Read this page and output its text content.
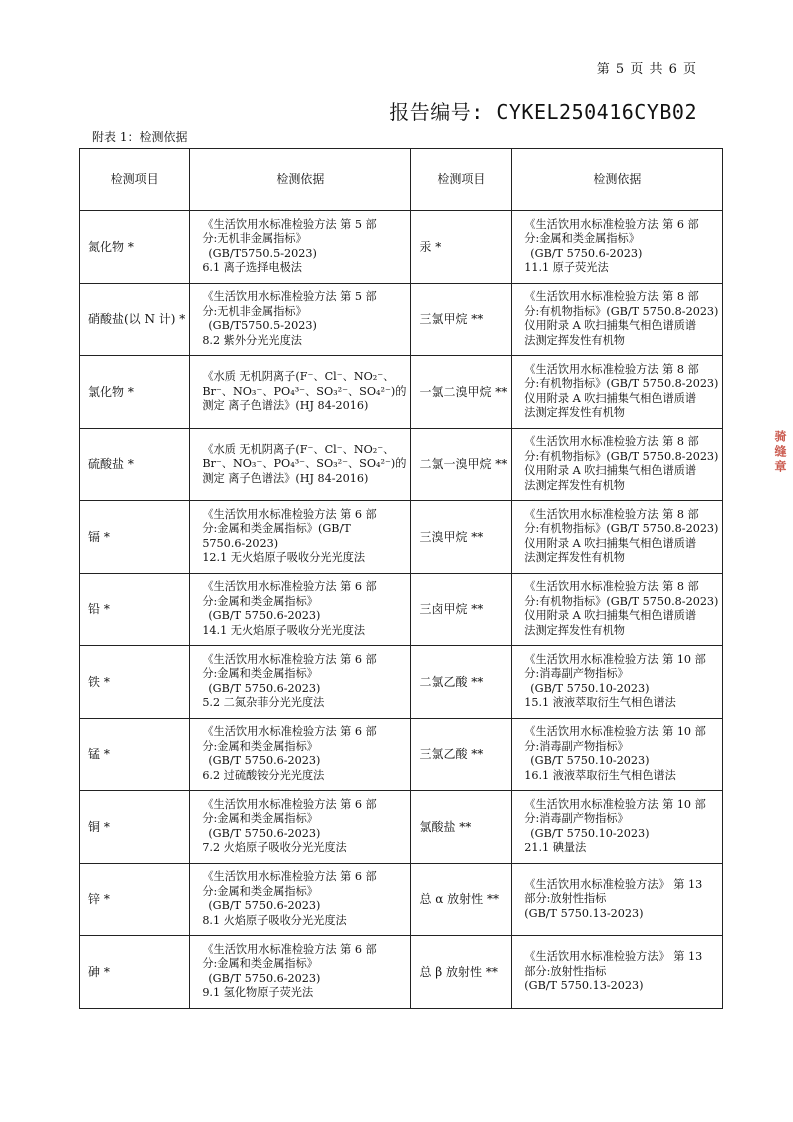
第 5 页 共 6 页
报告编号: CYKEL250416CYB02
附表 1：检测依据
检测项目	检测依据	检测项目	检测依据
氮化物 *	《生活饮用水标准检验方法 第 5 部
分:无机非金属指标》
(GB/T5750.5-2023)
6.1 离子选择电极法	汞 *	《生活饮用水标准检验方法 第 6 部
分:金属和类金属指标》
(GB/T 5750.6-2023)
11.1 原子荧光法

硝酸盐(以 N 计) *	《生活饮用水标准检验方法 第 5 部
分:无机非金属指标》
(GB/T5750.5-2023)
8.2 紫外分光光度法	三氯甲烷 **	《生活饮用水标准检验方法 第 8 部
分:有机物指标》(GB/T 5750.8-2023)
仪用附录 A 吹扫捕集气相色谱质谱
法测定挥发性有机物

氯化物 *	《水质 无机阴离子(F⁻、Cl⁻、NO₂⁻、
Br⁻、NO₃⁻、PO₄³⁻、SO₃²⁻、SO₄²⁻)的
测定 离子色谱法》(HJ 84-2016)	一氯二溴甲烷 **	《生活饮用水标准检验方法 第 8 部
分:有机物指标》(GB/T 5750.8-2023)
仪用附录 A 吹扫捕集气相色谱质谱
法测定挥发性有机物

硫酸盐 *	《水质 无机阴离子(F⁻、Cl⁻、NO₂⁻、
Br⁻、NO₃⁻、PO₄³⁻、SO₃²⁻、SO₄²⁻)的
测定 离子色谱法》(HJ 84-2016)	二氯一溴甲烷 **	《生活饮用水标准检验方法 第 8 部
分:有机物指标》(GB/T 5750.8-2023)
仪用附录 A 吹扫捕集气相色谱质谱
法测定挥发性有机物

镉 *	《生活饮用水标准检验方法 第 6 部
分:金属和类金属指标》(GB/T
5750.6-2023)
12.1 无火焰原子吸收分光光度法	三溴甲烷 **	《生活饮用水标准检验方法 第 8 部
分:有机物指标》(GB/T 5750.8-2023)
仪用附录 A 吹扫捕集气相色谱质谱
法测定挥发性有机物

铅 *	《生活饮用水标准检验方法 第 6 部
分:金属和类金属指标》
(GB/T 5750.6-2023)
14.1 无火焰原子吸收分光光度法	三卤甲烷 **	《生活饮用水标准检验方法 第 8 部
分:有机物指标》(GB/T 5750.8-2023)
仪用附录 A 吹扫捕集气相色谱质谱
法测定挥发性有机物

铁 *	《生活饮用水标准检验方法 第 6 部
分:金属和类金属指标》
(GB/T 5750.6-2023)
5.2 二氮杂菲分光光度法	二氯乙酸 **	《生活饮用水标准检验方法 第 10 部
分:消毒副产物指标》
(GB/T 5750.10-2023)
15.1 液液萃取衍生气相色谱法

锰 *	《生活饮用水标准检验方法 第 6 部
分:金属和类金属指标》
(GB/T 5750.6-2023)
6.2 过硫酸铵分光光度法	三氯乙酸 **	《生活饮用水标准检验方法 第 10 部
分:消毒副产物指标》
(GB/T 5750.10-2023)
16.1 液液萃取衍生气相色谱法

铜 *	《生活饮用水标准检验方法 第 6 部
分:金属和类金属指标》
(GB/T 5750.6-2023)
7.2 火焰原子吸收分光光度法	氯酸盐 **	《生活饮用水标准检验方法 第 10 部
分:消毒副产物指标》
(GB/T 5750.10-2023)
21.1 碘量法

锌 *	《生活饮用水标准检验方法 第 6 部
分:金属和类金属指标》
(GB/T 5750.6-2023)
8.1 火焰原子吸收分光光度法	总 α 放射性 **	《生活饮用水标准检验方法》 第 13
部分:放射性指标
(GB/T 5750.13-2023)

砷 *	《生活饮用水标准检验方法 第 6 部
分:金属和类金属指标》
(GB/T 5750.6-2023)
9.1 氢化物原子荧光法	总 β 放射性 **	《生活饮用水标准检验方法》 第 13
部分:放射性指标
(GB/T 5750.13-2023)
骑缝章
